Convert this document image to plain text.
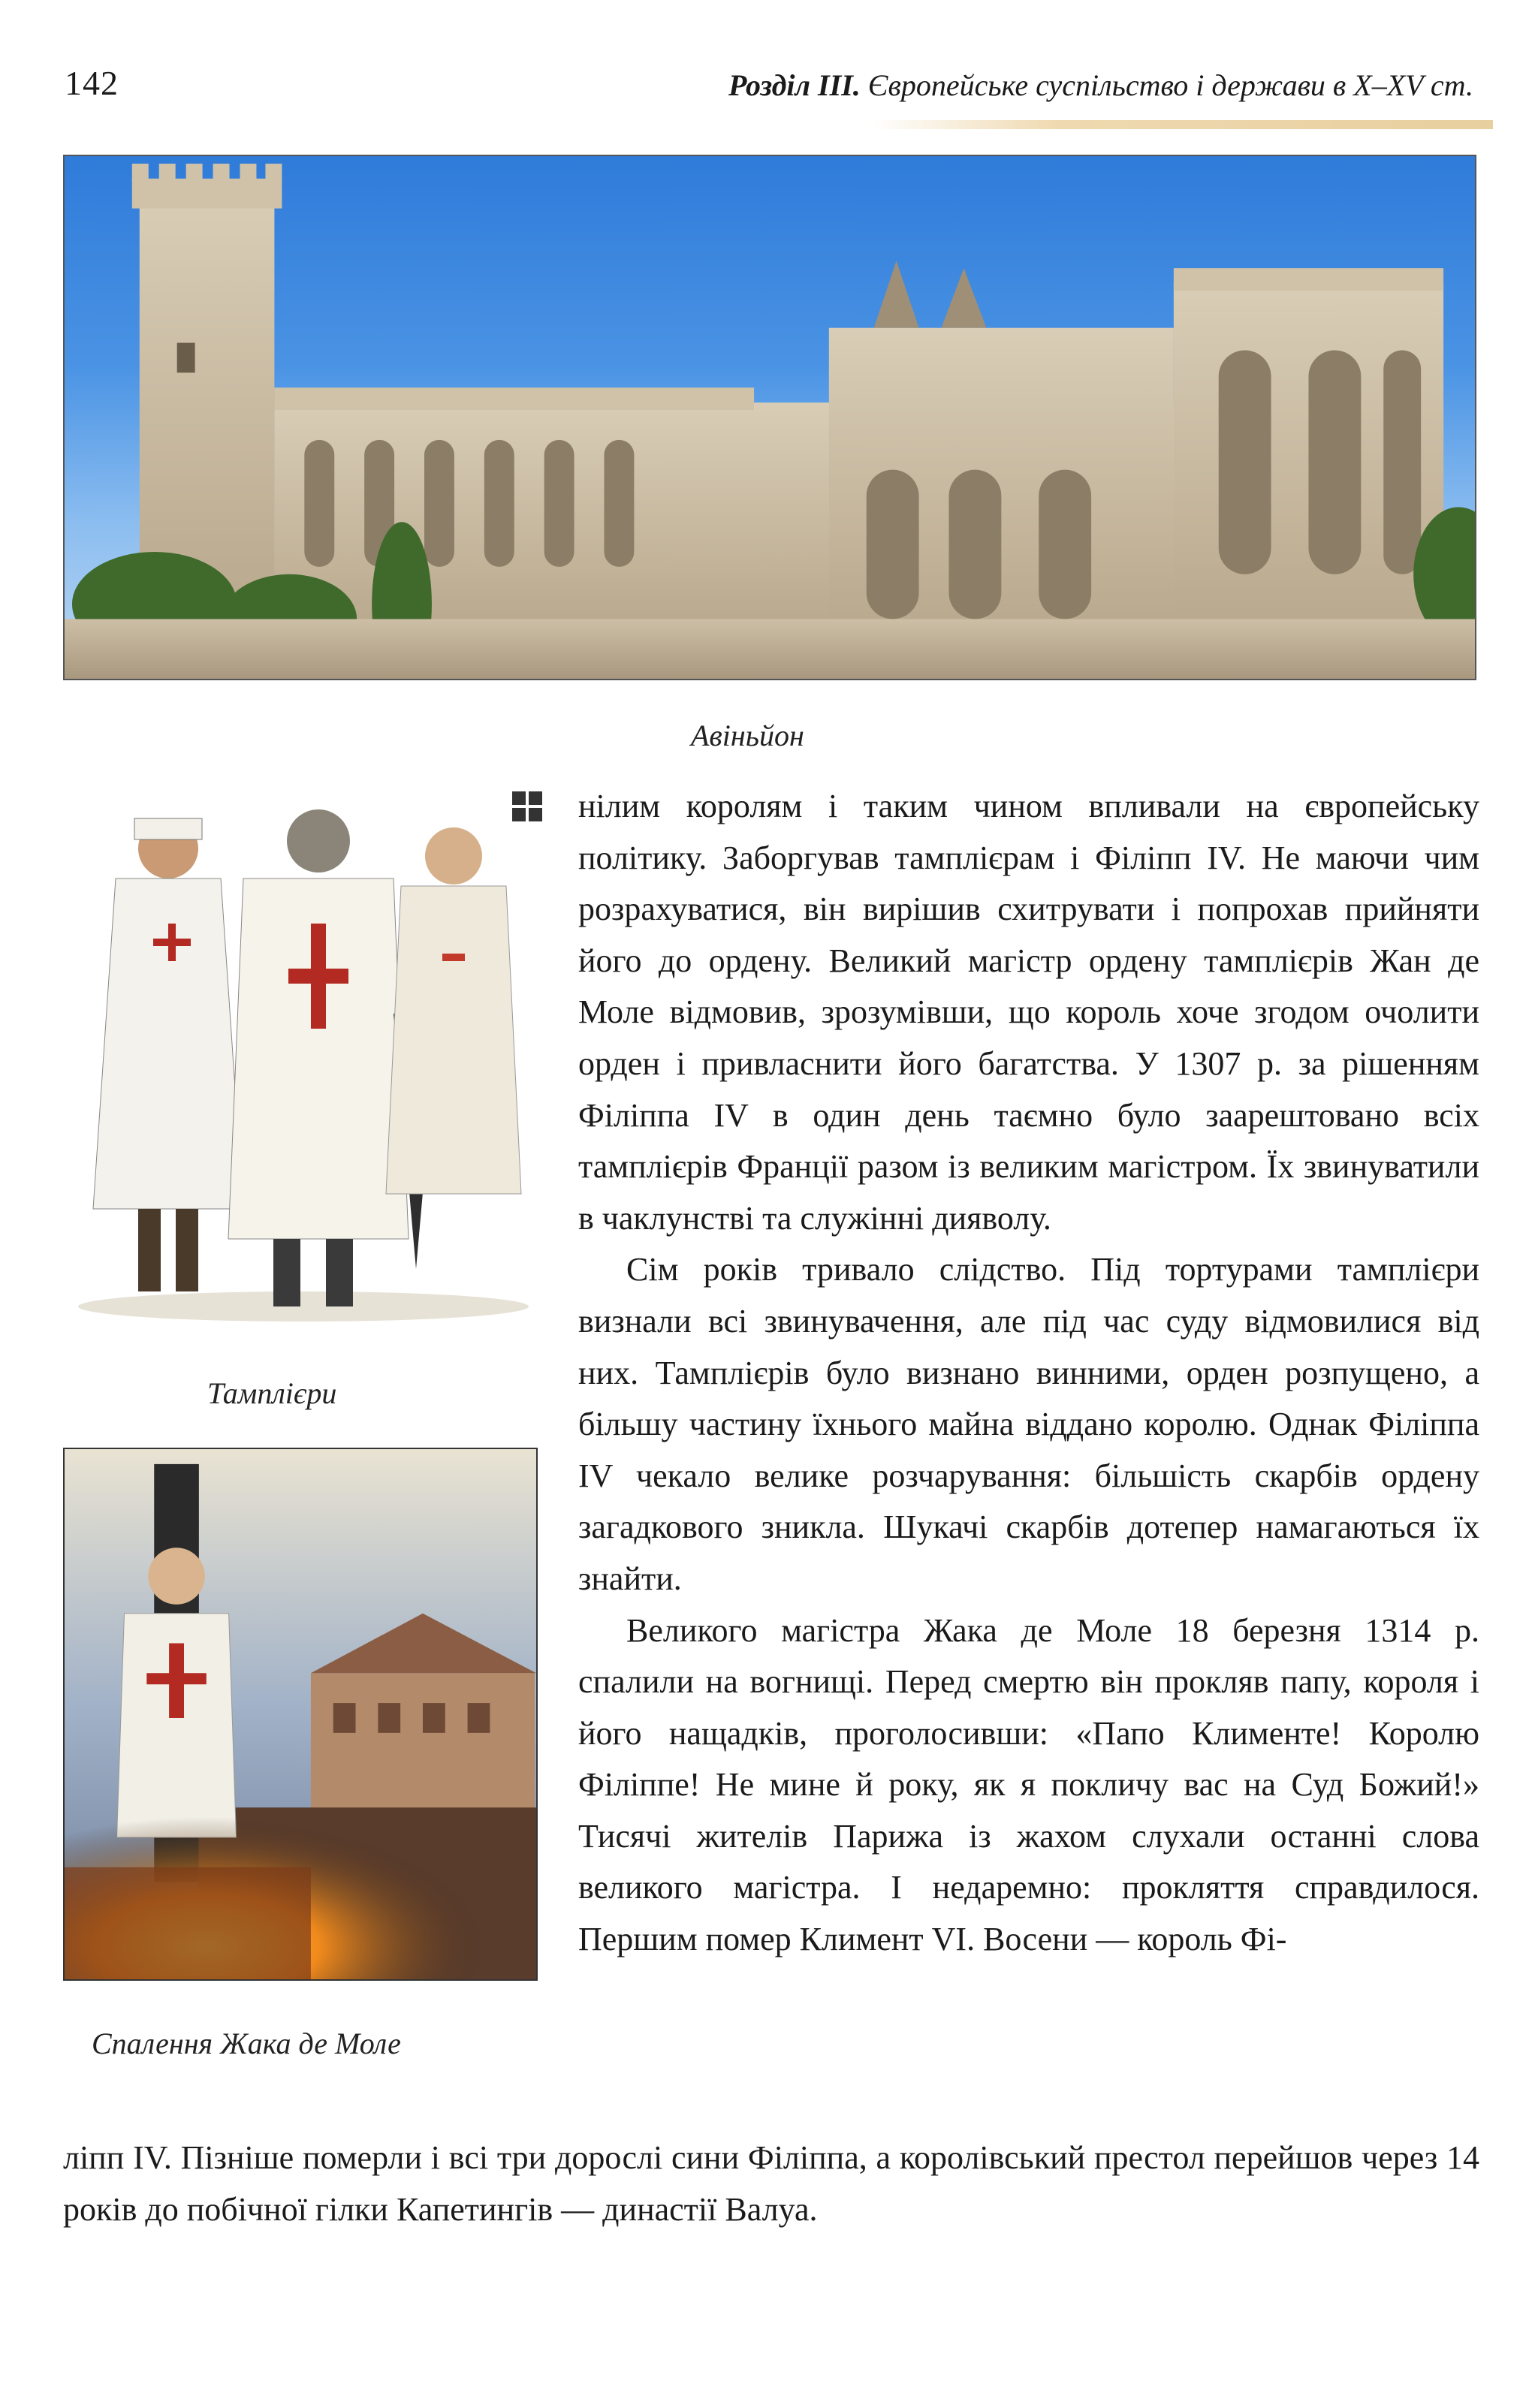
142	Розділ III. Європейське суспільство і держави в X–XV ст.
Авіньйон
Тамплієри
Спалення Жака де Моле

нілим королям і таким чином впливали на європейську політику. Заборгував тамплієрам і Філіпп IV. Не маючи чим розрахуватися, він вирішив схитрувати і попрохав прийняти його до ордену. Великий магістр ордену тамплієрів Жан де Моле відмовив, зрозумівши, що король хоче згодом очолити орден і привласнити його багатства. У 1307 р. за рішенням Філіппа IV в один день таємно було заарештовано всіх тамплієрів Франції разом із великим магістром. Їх звинуватили в чаклунстві та служінні дияволу.

Сім років тривало слідство. Під тортурами тамплієри визнали всі звинувачення, але під час суду відмовилися від них. Тамплієрів було визнано винними, орден розпущено, а більшу частину їхнього майна віддано королю. Однак Філіппа IV чекало велике розчарування: більшість скарбів ордену загадкового зникла. Шукачі скарбів дотепер намагаються їх знайти.

Великого магістра Жака де Моле 18 березня 1314 р. спалили на вогнищі. Перед смертю він прокляв папу, короля і його нащадків, проголосивши: «Папо Клименте! Королю Філіппе! Не мине й року, як я покличу вас на Суд Божий!» Тисячі жителів Парижа із жахом слухали останні слова великого магістра. І недаремно: прокляття справдилося. Першим помер Климент VI. Восени — король Фі-

ліпп IV. Пізніше померли і всі три дорослі сини Філіппа, а королівський престол перейшов через 14 років до побічної гілки Капетингів — династії Валуа.
